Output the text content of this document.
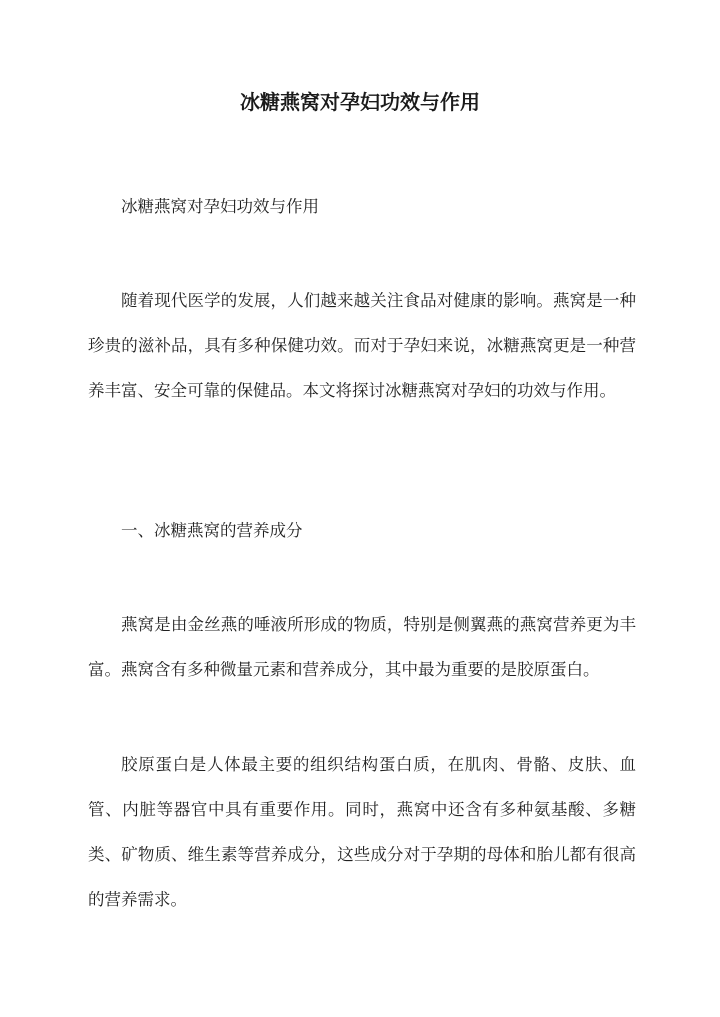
冰糖燕窝对孕妇功效与作用

冰糖燕窝对孕妇功效与作用

随着现代医学的发展，人们越来越关注食品对健康的影响。燕窝是一种珍贵的滋补品，具有多种保健功效。而对于孕妇来说，冰糖燕窝更是一种营养丰富、安全可靠的保健品。本文将探讨冰糖燕窝对孕妇的功效与作用。

一、冰糖燕窝的营养成分

燕窝是由金丝燕的唾液所形成的物质，特别是侧翼燕的燕窝营养更为丰富。燕窝含有多种微量元素和营养成分，其中最为重要的是胶原蛋白。

胶原蛋白是人体最主要的组织结构蛋白质，在肌肉、骨骼、皮肤、血管、内脏等器官中具有重要作用。同时，燕窝中还含有多种氨基酸、多糖类、矿物质、维生素等营养成分，这些成分对于孕期的母体和胎儿都有很高的营养需求。
